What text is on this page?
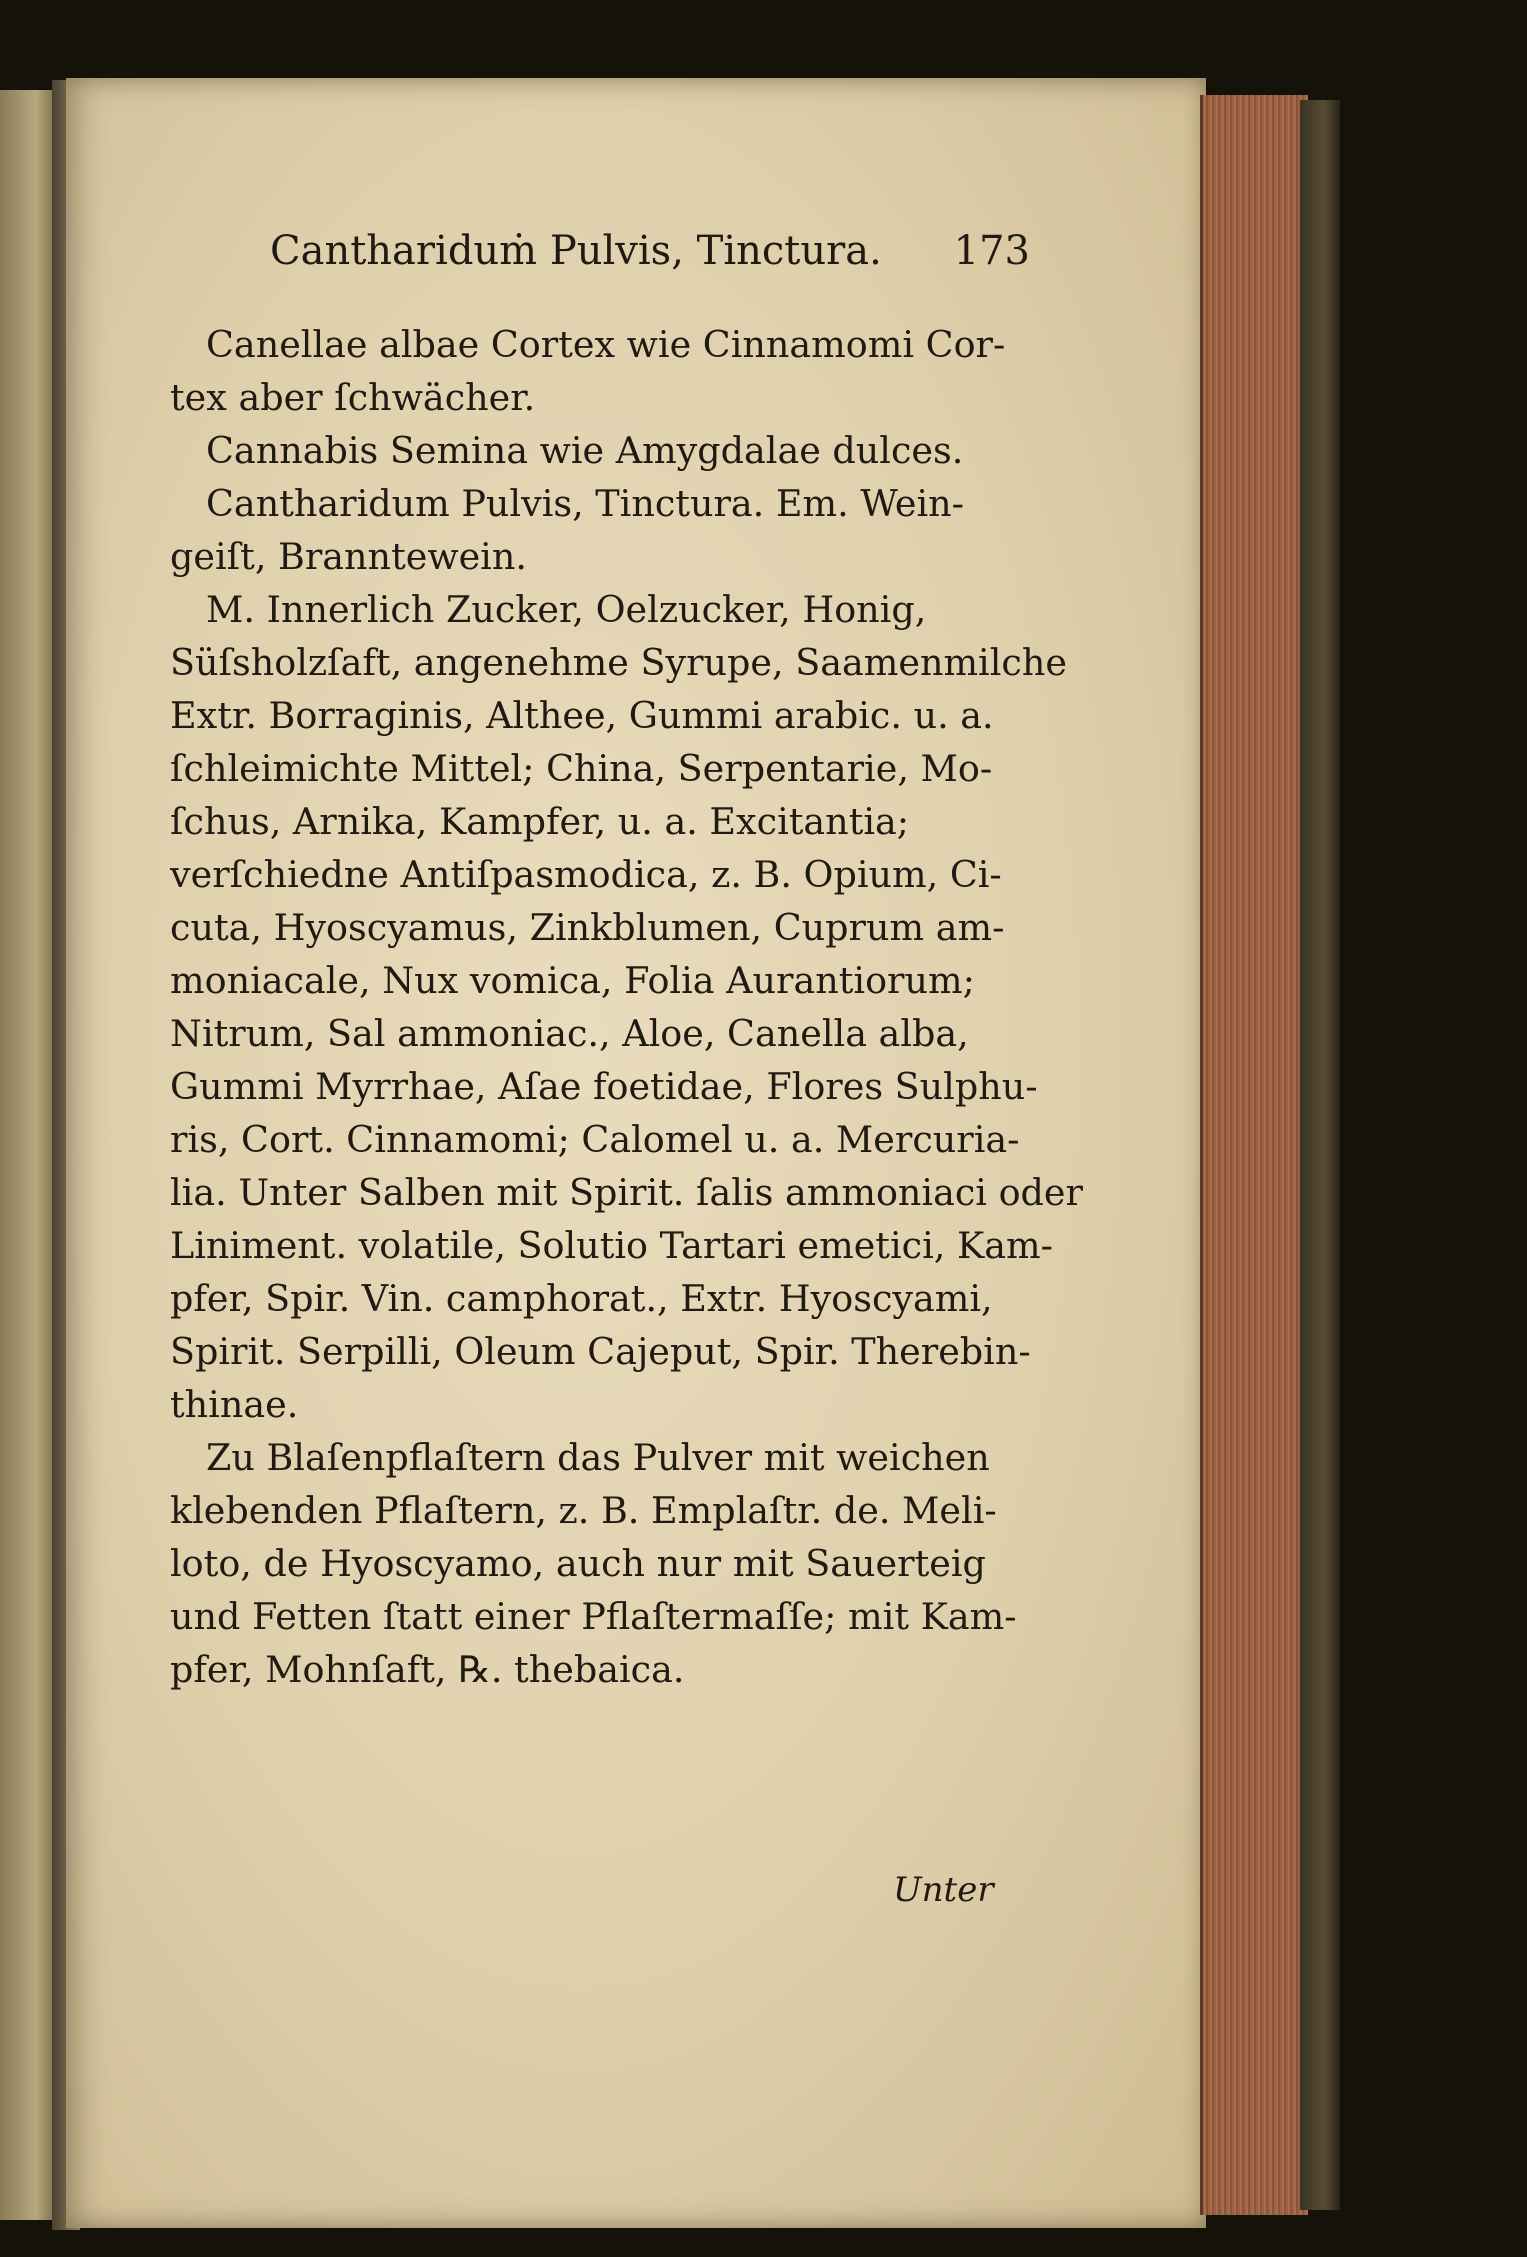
Canthariduṁ Pulvis, Tinctura. 173
Canellae albae Cortex wie Cinnamomi Cor-
tex aber ſchwächer.
Cannabis Semina wie Amygdalae dulces.
Cantharidum Pulvis, Tinctura. Em. Wein-
geiſt, Branntewein.
M. Innerlich Zucker, Oelzucker, Honig,
Süſsholzſaft, angenehme Syrupe, Saamenmilche
Extr. Borraginis, Althee, Gummi arabic. u. a.
ſchleimichte Mittel; China, Serpentarie, Mo-
ſchus, Arnika, Kampfer, u. a. Excitantia;
verſchiedne Antiſpasmodica, z. B. Opium, Ci-
cuta, Hyoscyamus, Zinkblumen, Cuprum am-
moniacale, Nux vomica, Folia Aurantiorum;
Nitrum, Sal ammoniac., Aloe, Canella alba,
Gummi Myrrhae, Aſae foetidae, Flores Sulphu-
ris, Cort. Cinnamomi; Calomel u. a. Mercuria-
lia. Unter Salben mit Spirit. ſalis ammoniaci oder
Liniment. volatile, Solutio Tartari emetici, Kam-
pfer, Spir. Vin. camphorat., Extr. Hyoscyami,
Spirit. Serpilli, Oleum Cajeput, Spir. Therebin-
thinae.
Zu Blaſenpflaſtern das Pulver mit weichen
klebenden Pflaſtern, z. B. Emplaſtr. de. Meli-
loto, de Hyoscyamo, auch nur mit Sauerteig
und Fetten ſtatt einer Pflaſtermaſſe; mit Kam-
pfer, Mohnſaft, ℞. thebaica.
Unter
